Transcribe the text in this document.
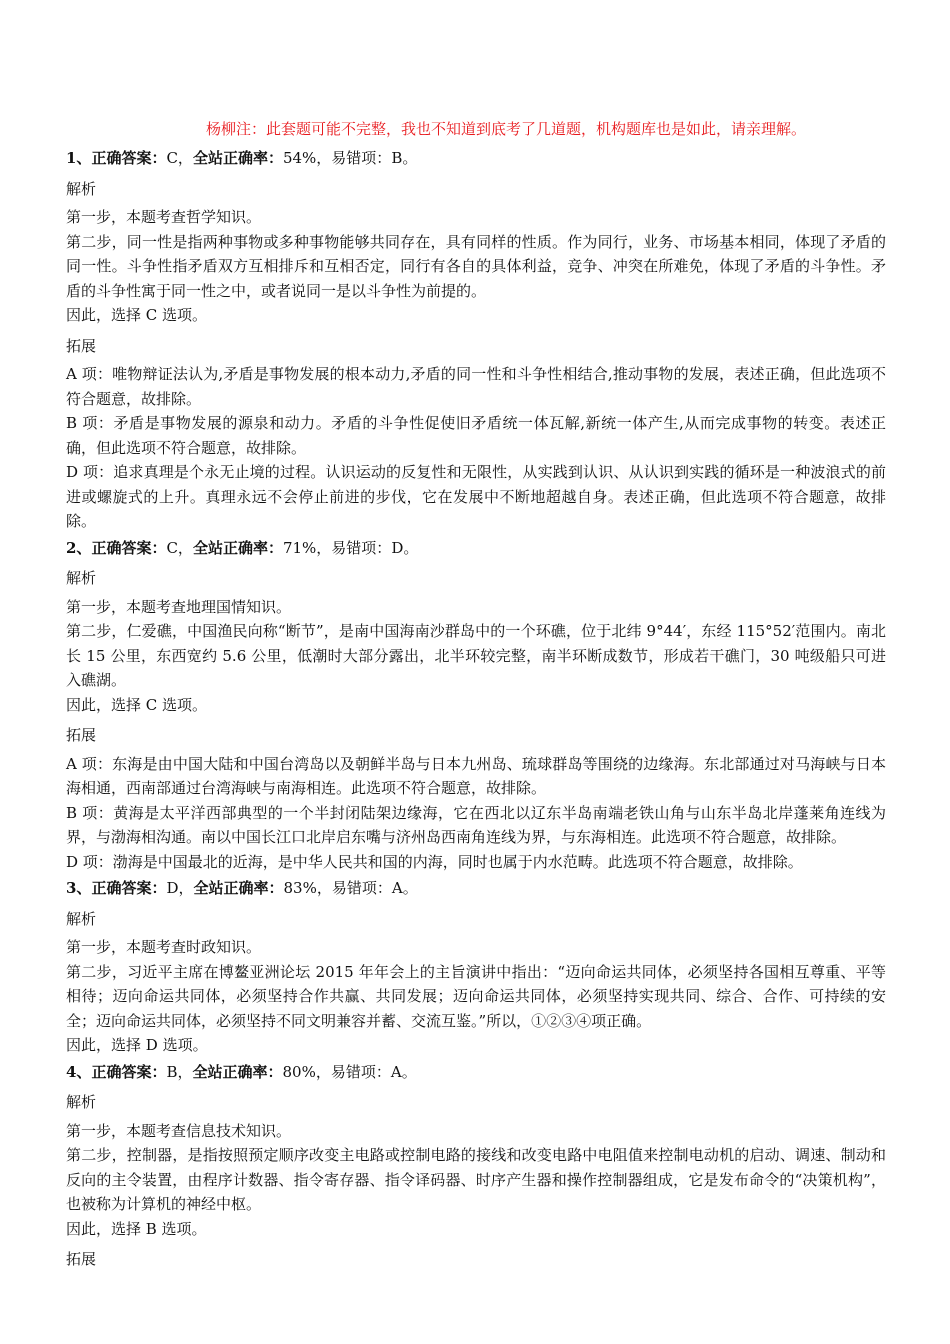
杨柳注：此套题可能不完整，我也不知道到底考了几道题，机构题库也是如此，请亲理解。
1、正确答案：C，全站正确率：54%，易错项：B。
解析
第一步，本题考查哲学知识。
第二步，同一性是指两种事物或多种事物能够共同存在，具有同样的性质。作为同行，业务、市场基本相同，体现了矛盾的同一性。斗争性指矛盾双方互相排斥和互相否定，同行有各自的具体利益，竞争、冲突在所难免，体现了矛盾的斗争性。矛盾的斗争性寓于同一性之中，或者说同一是以斗争性为前提的。
因此，选择 C 选项。
拓展
A 项：唯物辩证法认为,矛盾是事物发展的根本动力,矛盾的同一性和斗争性相结合,推动事物的发展，表述正确，但此选项不符合题意，故排除。
B 项：矛盾是事物发展的源泉和动力。矛盾的斗争性促使旧矛盾统一体瓦解,新统一体产生,从而完成事物的转变。表述正确，但此选项不符合题意，故排除。
D 项：追求真理是个永无止境的过程。认识运动的反复性和无限性，从实践到认识、从认识到实践的循环是一种波浪式的前进或螺旋式的上升。真理永远不会停止前进的步伐，它在发展中不断地超越自身。表述正确，但此选项不符合题意，故排除。
2、正确答案：C，全站正确率：71%，易错项：D。
解析
第一步，本题考查地理国情知识。
第二步，仁爱礁，中国渔民向称“断节”，是南中国海南沙群岛中的一个环礁，位于北纬 9°44′，东经 115°52′范围内。南北长 15 公里，东西宽约 5.6 公里，低潮时大部分露出，北半环较完整，南半环断成数节，形成若干礁门，30 吨级船只可进入礁湖。
因此，选择 C 选项。
拓展
A 项：东海是由中国大陆和中国台湾岛以及朝鲜半岛与日本九州岛、琉球群岛等围绕的边缘海。东北部通过对马海峡与日本海相通，西南部通过台湾海峡与南海相连。此选项不符合题意，故排除。
B 项：黄海是太平洋西部典型的一个半封闭陆架边缘海，它在西北以辽东半岛南端老铁山角与山东半岛北岸蓬莱角连线为界，与渤海相沟通。南以中国长江口北岸启东嘴与济州岛西南角连线为界，与东海相连。此选项不符合题意，故排除。
D 项：渤海是中国最北的近海，是中华人民共和国的内海，同时也属于内水范畴。此选项不符合题意，故排除。
3、正确答案：D，全站正确率：83%，易错项：A。
解析
第一步，本题考查时政知识。
第二步，习近平主席在博鳌亚洲论坛 2015 年年会上的主旨演讲中指出：“迈向命运共同体，必须坚持各国相互尊重、平等相待；迈向命运共同体，必须坚持合作共赢、共同发展；迈向命运共同体，必须坚持实现共同、综合、合作、可持续的安全；迈向命运共同体，必须坚持不同文明兼容并蓄、交流互鉴。”所以，①②③④项正确。
因此，选择 D 选项。
4、正确答案：B，全站正确率：80%，易错项：A。
解析
第一步，本题考查信息技术知识。
第二步，控制器，是指按照预定顺序改变主电路或控制电路的接线和改变电路中电阻值来控制电动机的启动、调速、制动和反向的主令装置，由程序计数器、指令寄存器、指令译码器、时序产生器和操作控制器组成，它是发布命令的“决策机构”，也被称为计算机的神经中枢。
因此，选择 B 选项。
拓展
